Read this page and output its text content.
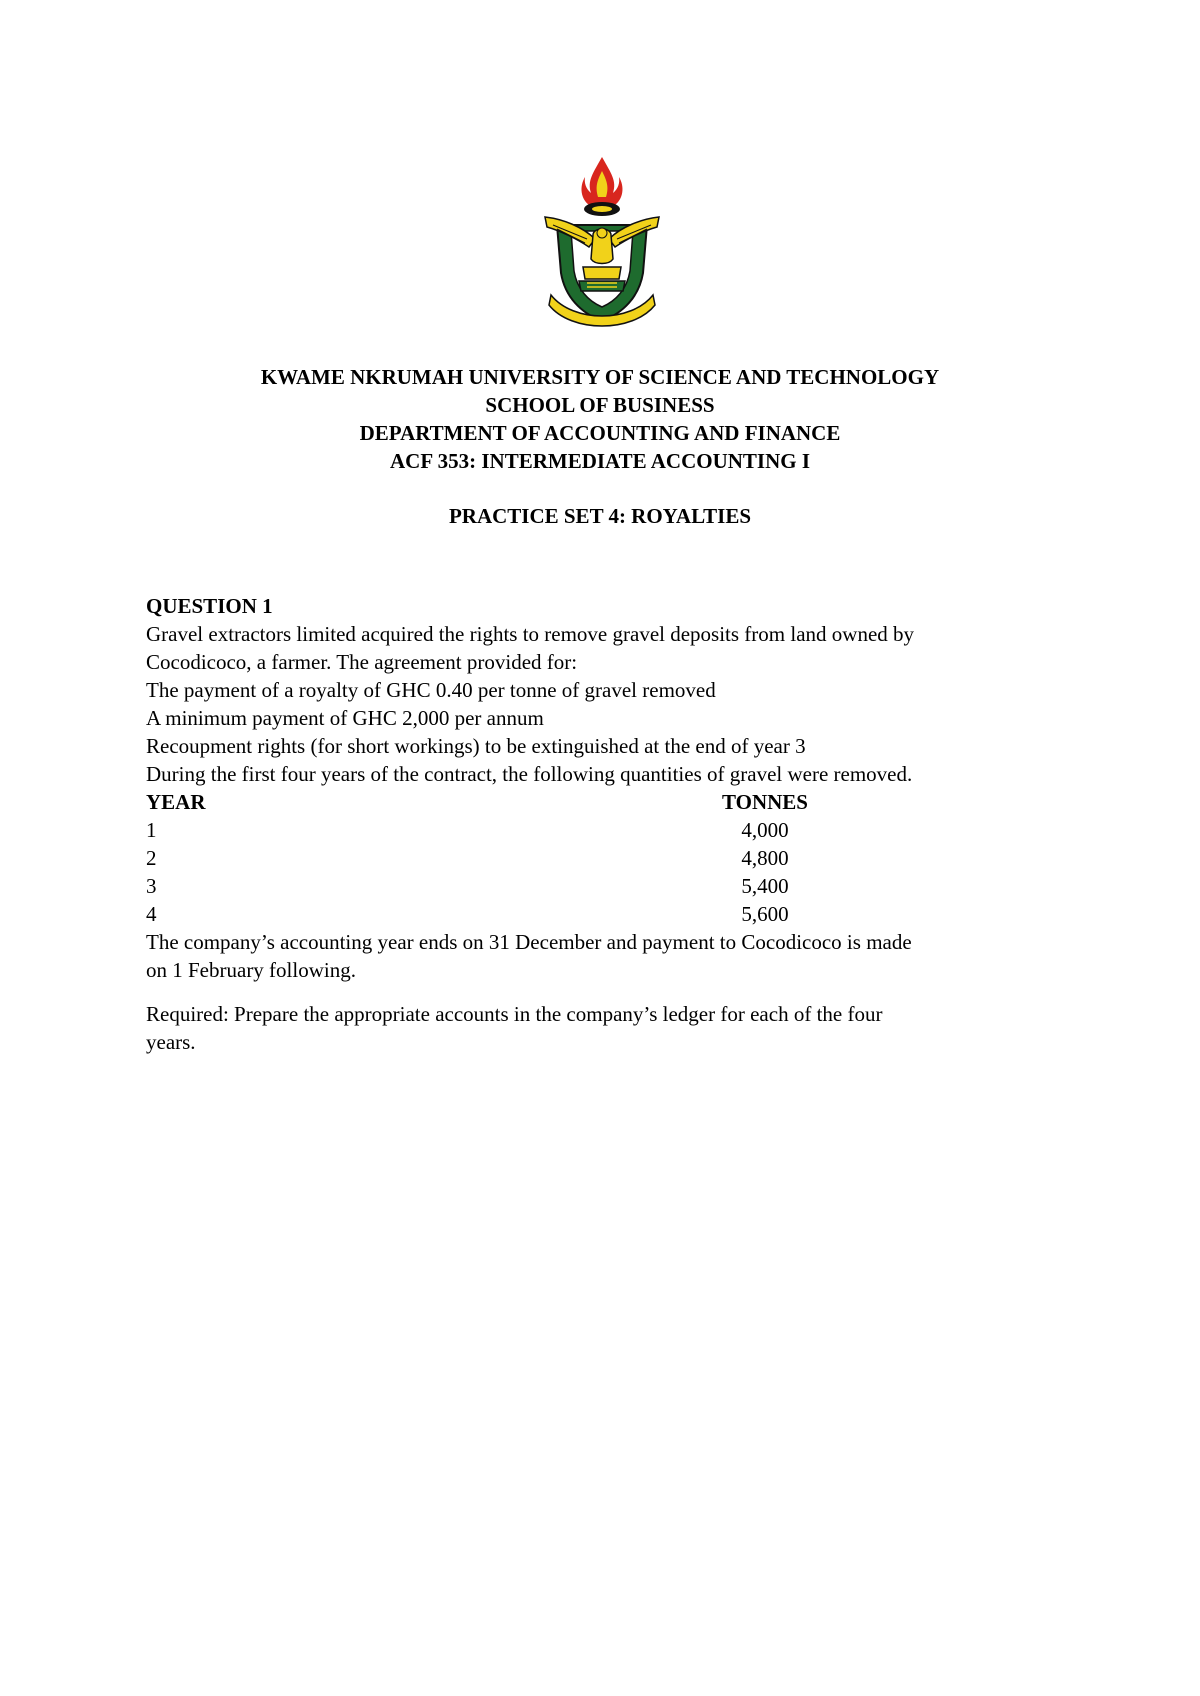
KWAME NKRUMAH UNIVERSITY OF SCIENCE AND TECHNOLOGY
SCHOOL OF BUSINESS
DEPARTMENT OF ACCOUNTING AND FINANCE
ACF 353: INTERMEDIATE ACCOUNTING I
PRACTICE SET 4: ROYALTIES

QUESTION 1

Gravel extractors limited acquired the rights to remove gravel deposits from land owned by

Cocodicoco, a farmer. The agreement provided for:

The payment of a royalty of GHC 0.40 per tonne of gravel removed

A minimum payment of GHC 2,000 per annum

Recoupment rights (for short workings) to be extinguished at the end of year 3

During the first four years of the contract, the following quantities of gravel were removed.

YEAR	TONNES
1	4,000
2	4,800
3	5,400
4	5,600

The company’s accounting year ends on 31 December and payment to Cocodicoco is made

on 1 February following.

Required: Prepare the appropriate accounts in the company’s ledger for each of the four

years.
